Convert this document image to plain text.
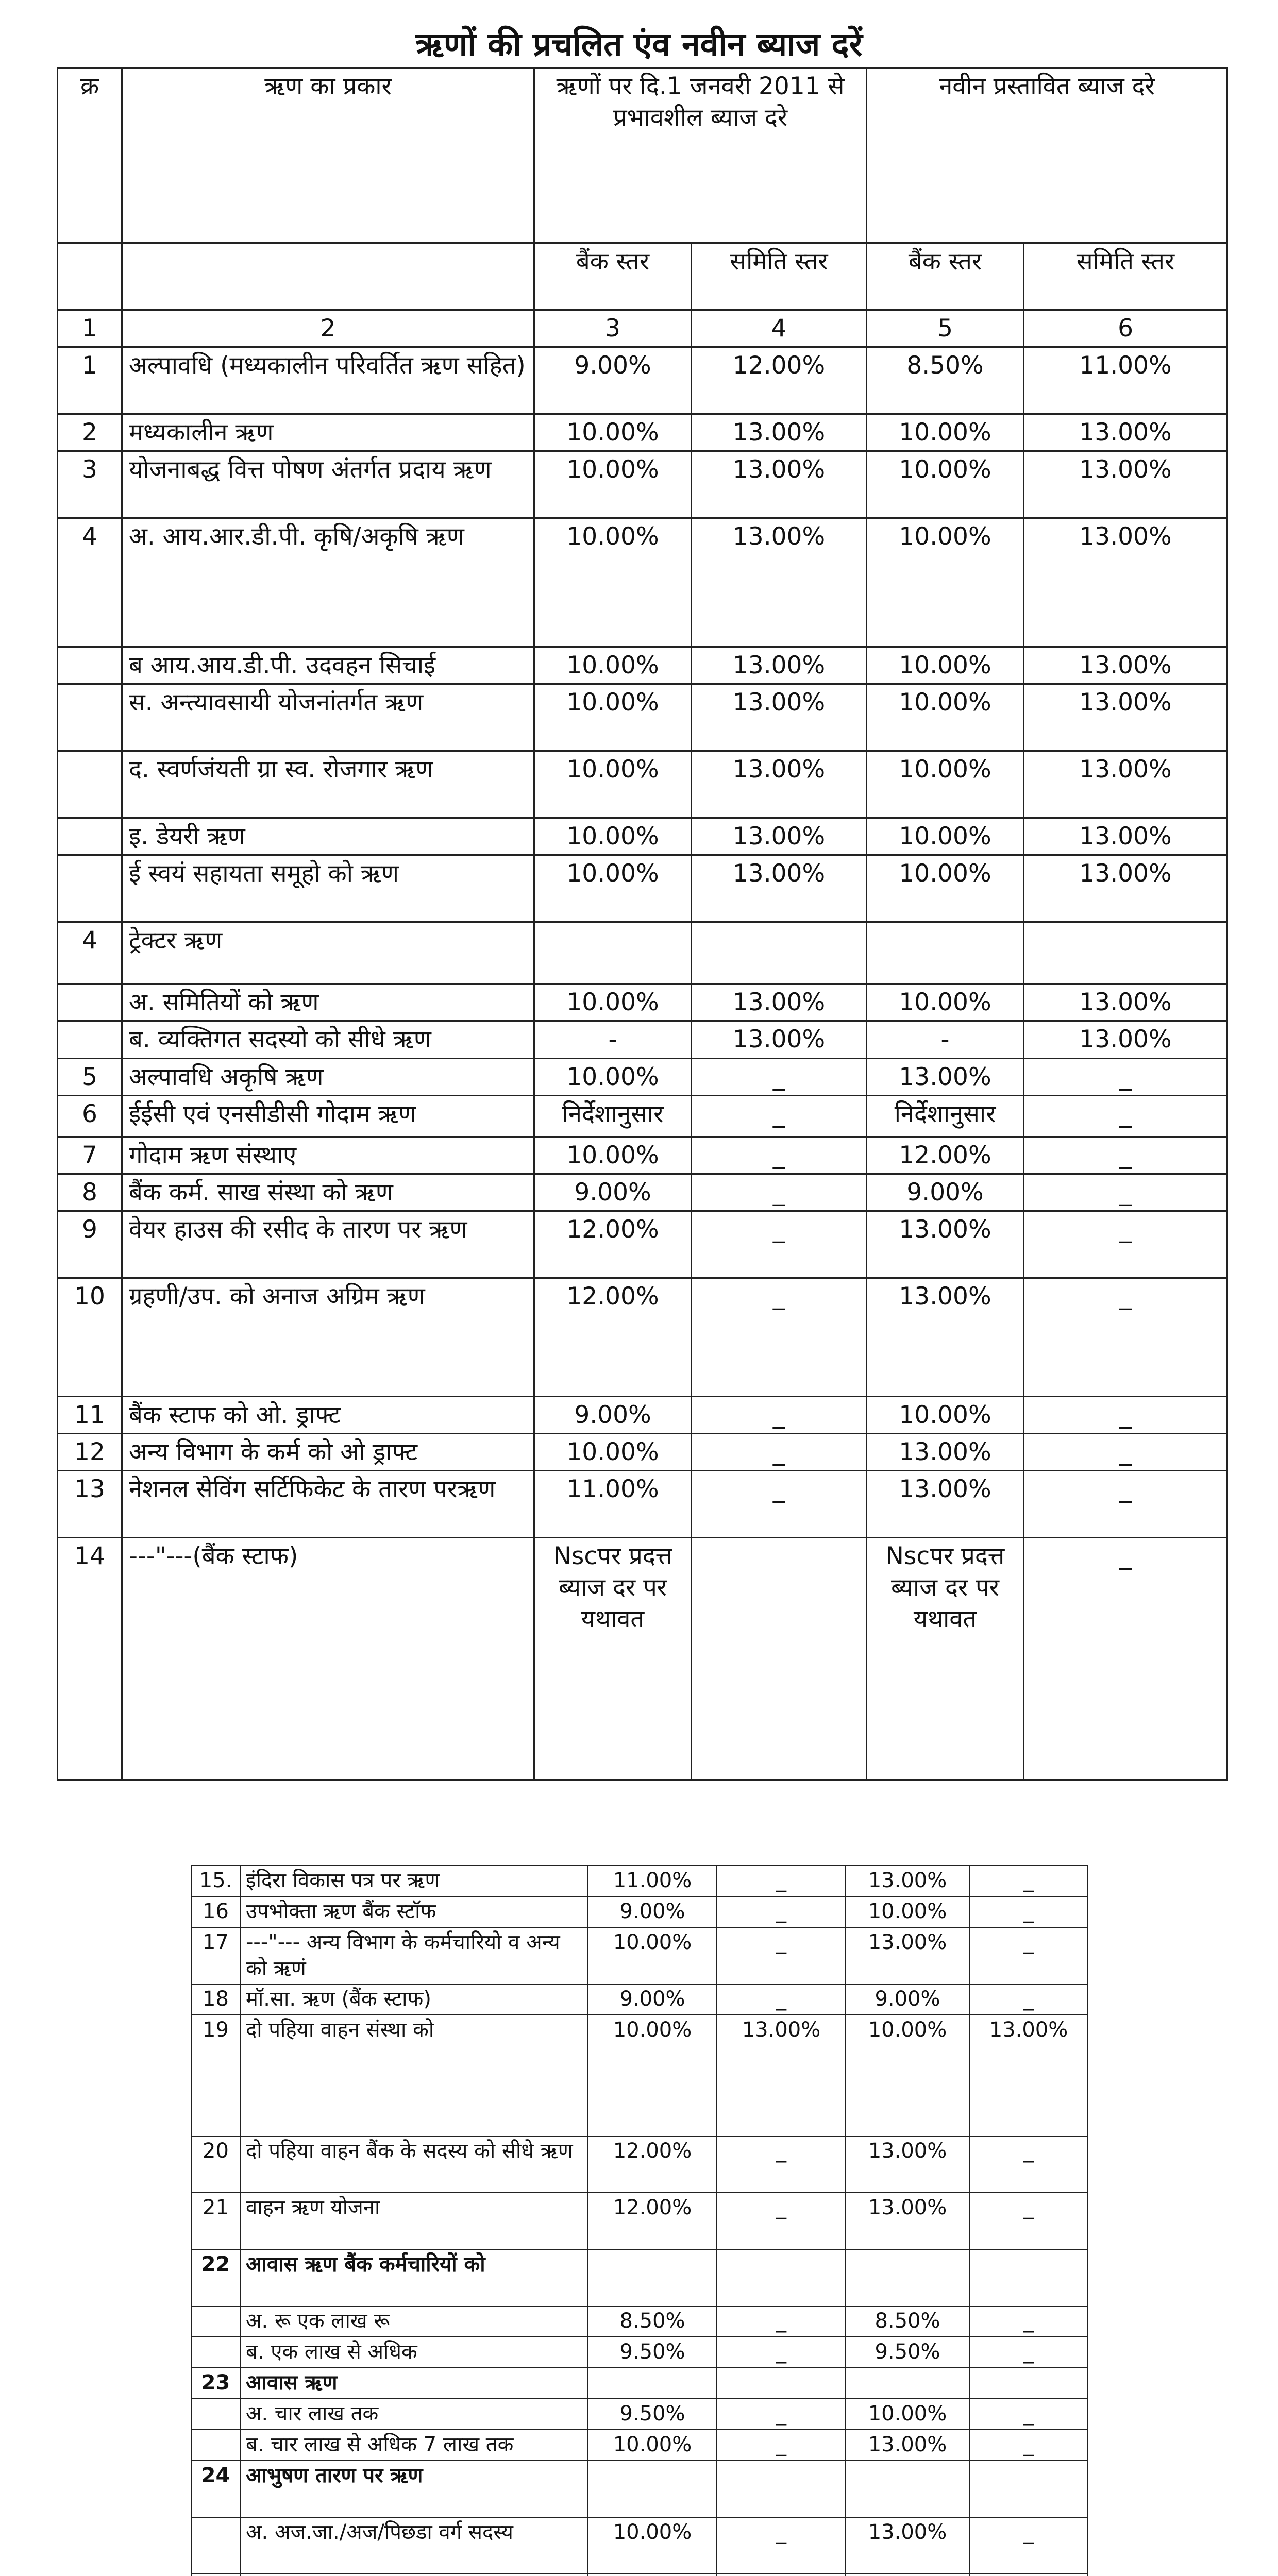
ऋणों की प्रचलित एंव नवीन ब्याज दरें
क्र	ऋण का प्रकार	ऋणों पर दि.1 जनवरी 2011 से प्रभावशील ब्याज दरे		नवीन प्रस्तावित ब्याज दरे	
		बैंक स्तर	समिति स्तर	बैंक स्तर	समिति स्तर
1	2	3	4	5	6
1	अल्पावधि (मध्यकालीन परिवर्तित ऋण सहित)	9.00%	12.00%	8.50%	11.00%
2	मध्यकालीन ऋण	10.00%	13.00%	10.00%	13.00%
3	योजनाबद्ध वित्त पोषण अंतर्गत प्रदाय ऋण	10.00%	13.00%	10.00%	13.00%
4	अ. आय.आर.डी.पी. कृषि/अकृषि ऋण	10.00%	13.00%	10.00%	13.00%
	ब आय.आय.डी.पी. उदवहन सिचाई	10.00%	13.00%	10.00%	13.00%
	स. अन्त्यावसायी योजनांतर्गत ऋण	10.00%	13.00%	10.00%	13.00%
	द. स्वर्णजंयती ग्रा स्व. रोजगार ऋण	10.00%	13.00%	10.00%	13.00%
	इ. डेयरी ऋण	10.00%	13.00%	10.00%	13.00%
	ई स्वयं सहायता समूहो को ऋण	10.00%	13.00%	10.00%	13.00%
4	ट्रेक्टर ऋण				
	अ. समितियों को ऋण	10.00%	13.00%	10.00%	13.00%
	ब. व्यक्तिगत सदस्यो को सीधे ऋण	-	13.00%	-	13.00%
5	अल्पावधि अकृषि ऋण	10.00%	_	13.00%	_
6	ईईसी एवं एनसीडीसी गोदाम ऋण	निर्देशानुसार	_	निर्देशानुसार	_
7	गोदाम ऋण संस्थाए	10.00%	_	12.00%	_
8	बैंक कर्म. साख संस्था को ऋण	9.00%	_	9.00%	_
9	वेयर हाउस की रसीद के तारण पर ऋण	12.00%	_	13.00%	_
10	ग्रहणी/उप. को अनाज अग्रिम ऋण	12.00%	_	13.00%	_
11	बैंक स्टाफ को ओ. ड्राफ्ट	9.00%	_	10.00%	_
12	अन्य विभाग के कर्म को ओ ड्राफ्ट	10.00%	_	13.00%	_
13	नेशनल सेविंग सर्टिफिकेट के तारण परऋण	11.00%	_	13.00%	_
14	---"---(बैंक स्टाफ)	Nscपर प्रदत्त ब्याज दर पर यथावत		Nscपर प्रदत्त ब्याज दर पर यथावत	_
15.	इंदिरा विकास पत्र पर ऋण	11.00%	_	13.00%	_
16	उपभोक्ता ऋण बैंक स्टॉफ	9.00%	_	10.00%	_
17	---"--- अन्य विभाग के कर्मचारियो व अन्य को ऋणं	10.00%	_	13.00%	_
18	मॉ.सा. ऋण (बैंक स्टाफ)	9.00%	_	9.00%	_
19	दो पहिया वाहन संस्था को	10.00%	13.00%	10.00%	13.00%
20	दो पहिया वाहन बैंक के सदस्य को सीधे ऋण	12.00%	_	13.00%	_
21	वाहन ऋण योजना	12.00%	_	13.00%	_
22	आवास ऋण बैंक कर्मचारियों को				
	अ. रू एक लाख रू	8.50%	_	8.50%	_
	ब. एक लाख से अधिक	9.50%	_	9.50%	_
23	आवास ऋण				
	अ. चार लाख तक	9.50%	_	10.00%	_
	ब. चार लाख से अधिक 7 लाख तक	10.00%	_	13.00%	_
24	आभुषण तारण पर ऋण				
	अ. अज.जा./अज/पिछडा वर्ग सदस्य	10.00%	_	13.00%	_
